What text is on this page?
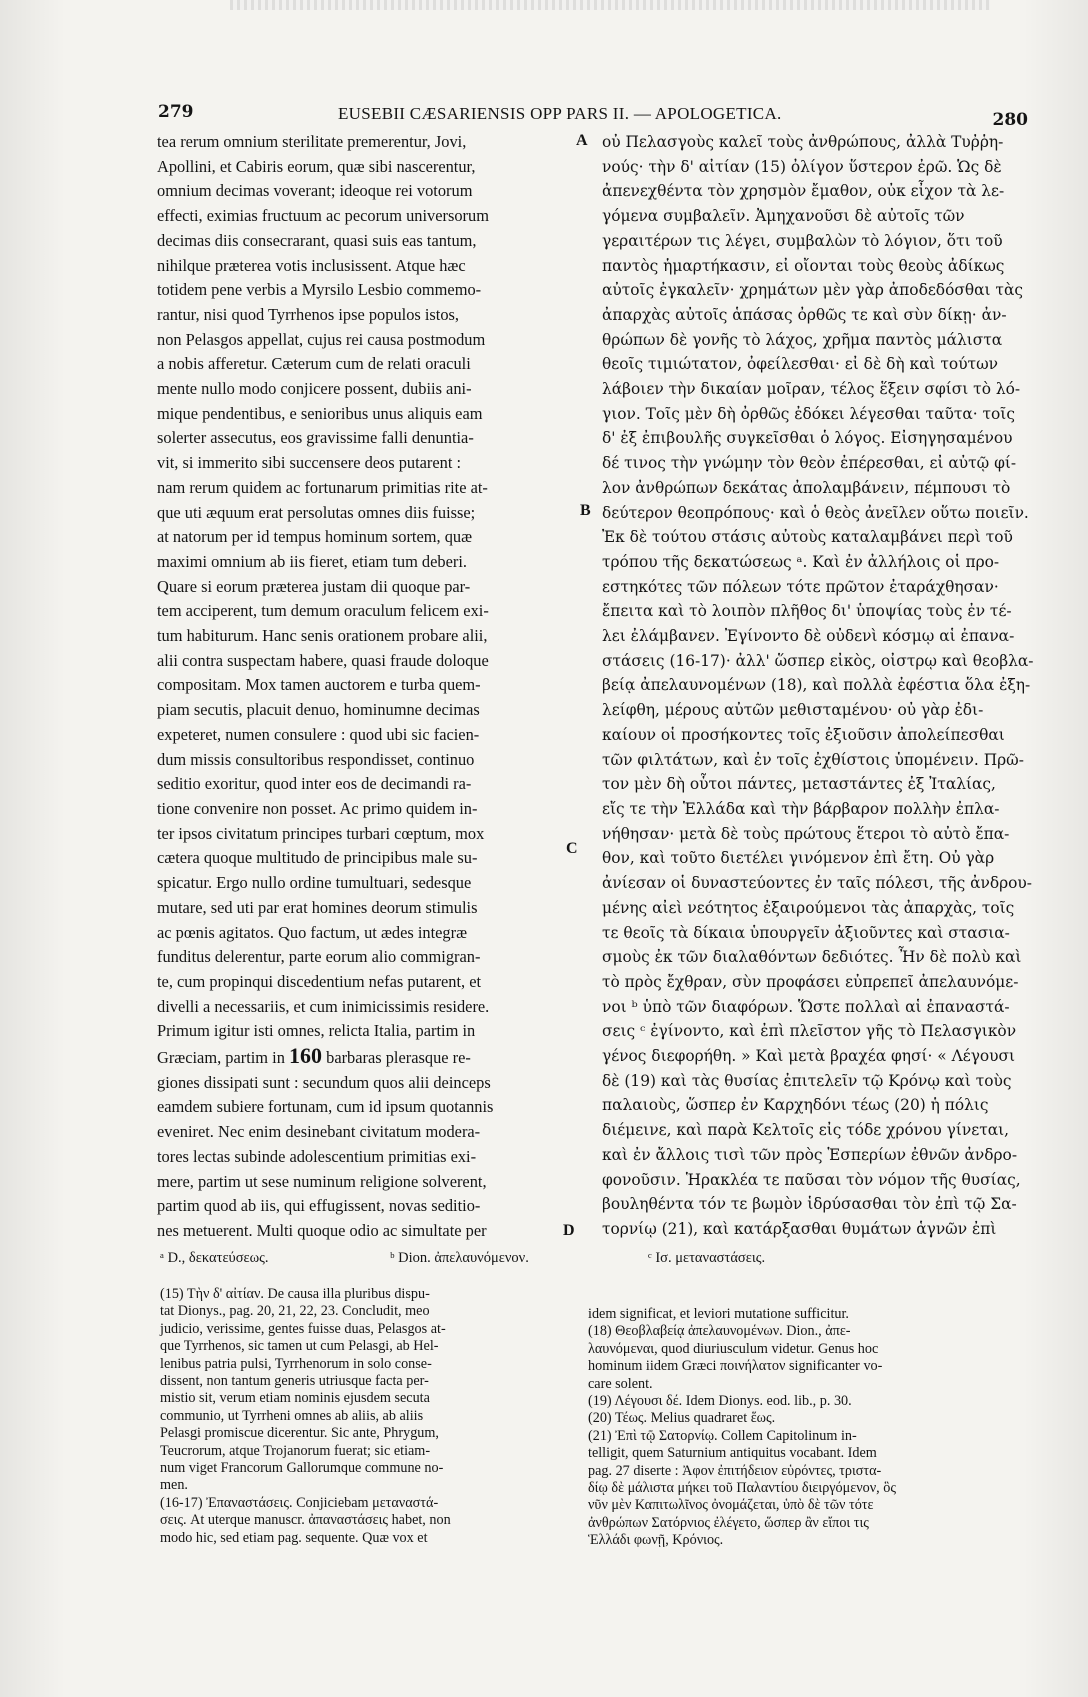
279	EUSEBII CÆSARIENSIS OPP PARS II. — APOLOGETICA.	280
tea rerum omnium sterilitate premerentur, Jovi,
Apollini, et Cabiris eorum, quæ sibi nascerentur,
omnium decimas voverant; ideoque rei votorum
effecti, eximias fructuum ac pecorum universorum
decimas diis consecrarant, quasi suis eas tantum,
nihilque præterea votis inclusissent. Atque hæc
totidem pene verbis a Myrsilo Lesbio commemo-
rantur, nisi quod Tyrrhenos ipse populos istos,
non Pelasgos appellat, cujus rei causa postmodum
a nobis afferetur. Cæterum cum de relati oraculi
mente nullo modo conjicere possent, dubiis ani-
mique pendentibus, e senioribus unus aliquis eam
solerter assecutus, eos gravissime falli denuntia-
vit, si immerito sibi succensere deos putarent :
nam rerum quidem ac fortunarum primitias rite at-
que uti æquum erat persolutas omnes diis fuisse;
at natorum per id tempus hominum sortem, quæ
maximi omnium ab iis fieret, etiam tum deberi.
Quare si eorum præterea justam dii quoque par-
tem acciperent, tum demum oraculum felicem exi-
tum habiturum. Hanc senis orationem probare alii,
alii contra suspectam habere, quasi fraude doloque
compositam. Mox tamen auctorem e turba quem-
piam secutis, placuit denuo, hominumne decimas
expeteret, numen consulere : quod ubi sic facien-
dum missis consultoribus respondisset, continuo
seditio exoritur, quod inter eos de decimandi ra-
tione convenire non posset. Ac primo quidem in-
ter ipsos civitatum principes turbari cœptum, mox
cætera quoque multitudo de principibus male su-
spicatur. Ergo nullo ordine tumultuari, sedesque
mutare, sed uti par erat homines deorum stimulis
ac pœnis agitatos. Quo factum, ut ædes integræ
funditus delerentur, parte eorum alio commigran-
te, cum propinqui discedentium nefas putarent, et
divelli a necessariis, et cum inimicissimis residere.
Primum igitur isti omnes, relicta Italia, partim in
Græciam, partim in 160 barbaras plerasque re-
giones dissipati sunt : secundum quos alii deinceps
eamdem subiere fortunam, cum id ipsum quotannis
eveniret. Nec enim desinebant civitatum modera-
tores lectas subinde adolescentium primitias exi-
mere, partim ut sese numinum religione solverent,
partim quod ab iis, qui effugissent, novas seditio-
nes metuerent. Multi quoque odio ac simultate per
οὐ Πελασγοὺς καλεῖ τοὺς ἀνθρώπους, ἀλλὰ Τυῤῥη-
νούς· τὴν δ' αἰτίαν (15) ὀλίγον ὕστερον ἐρῶ. Ὡς δὲ
ἀπενεχθέντα τὸν χρησμὸν ἔμαθον, οὐκ εἶχον τὰ λε-
γόμενα συμβαλεῖν. Ἀμηχανοῦσι δὲ αὐτοῖς τῶν
γεραιτέρων τις λέγει, συμβαλὼν τὸ λόγιον, ὅτι τοῦ
παντὸς ἡμαρτήκασιν, εἰ οἴονται τοὺς θεοὺς ἀδίκως
αὐτοῖς ἐγκαλεῖν· χρημάτων μὲν γὰρ ἀποδεδόσθαι τὰς
ἀπαρχὰς αὐτοῖς ἁπάσας ὀρθῶς τε καὶ σὺν δίκῃ· ἀν-
θρώπων δὲ γονῆς τὸ λάχος, χρῆμα παντὸς μάλιστα
θεοῖς τιμιώτατον, ὀφείλεσθαι· εἰ δὲ δὴ καὶ τούτων
λάβοιεν τὴν δικαίαν μοῖραν, τέλος ἕξειν σφίσι τὸ λό-
γιον. Τοῖς μὲν δὴ ὀρθῶς ἐδόκει λέγεσθαι ταῦτα· τοῖς
δ' ἐξ ἐπιβουλῆς συγκεῖσθαι ὁ λόγος. Εἰσηγησαμένου
δέ τινος τὴν γνώμην τὸν θεὸν ἐπέρεσθαι, εἰ αὐτῷ φί-
λον ἀνθρώπων δεκάτας ἀπολαμβάνειν, πέμπουσι τὸ
δεύτερον θεοπρόπους· καὶ ὁ θεὸς ἀνεῖλεν οὕτω ποιεῖν.
Ἐκ δὲ τούτου στάσις αὐτοὺς καταλαμβάνει περὶ τοῦ
τρόπου τῆς δεκατώσεως ᵃ. Καὶ ἐν ἀλλήλοις οἱ προ-
εστηκότες τῶν πόλεων τότε πρῶτον ἐταράχθησαν·
ἔπειτα καὶ τὸ λοιπὸν πλῆθος δι' ὑποψίας τοὺς ἐν τέ-
λει ἐλάμβανεν. Ἐγίνοντο δὲ οὐδενὶ κόσμῳ αἱ ἐπανα-
στάσεις (16-17)· ἀλλ' ὥσπερ εἰκὸς, οἰστρῳ καὶ θεοβλα-
βείᾳ ἀπελαυνομένων (18), καὶ πολλὰ ἐφέστια ὅλα ἐξη-
λείφθη, μέρους αὐτῶν μεθισταμένου· οὐ γὰρ ἐδι-
καίουν οἱ προσήκοντες τοῖς ἐξιοῦσιν ἀπολείπεσθαι
τῶν φιλτάτων, καὶ ἐν τοῖς ἐχθίστοις ὑπομένειν. Πρῶ-
τον μὲν δὴ οὗτοι πάντες, μεταστάντες ἐξ Ἰταλίας,
εἴς τε τὴν Ἑλλάδα καὶ τὴν βάρβαρον πολλὴν ἐπλα-
νήθησαν· μετὰ δὲ τοὺς πρώτους ἕτεροι τὸ αὐτὸ ἔπα-
θον, καὶ τοῦτο διετέλει γινόμενον ἐπὶ ἔτη. Οὐ γὰρ
ἀνίεσαν οἱ δυναστεύοντες ἐν ταῖς πόλεσι, τῆς ἀνδρου-
μένης αἰεὶ νεότητος ἐξαιρούμενοι τὰς ἀπαρχὰς, τοῖς
τε θεοῖς τὰ δίκαια ὑπουργεῖν ἀξιοῦντες καὶ στασια-
σμοὺς ἐκ τῶν διαλαθόντων δεδιότες. Ἦν δὲ πολὺ καὶ
τὸ πρὸς ἔχθραν, σὺν προφάσει εὐπρεπεῖ ἀπελαυνόμε-
νοι ᵇ ὑπὸ τῶν διαφόρων. Ὥστε πολλαὶ αἱ ἐπαναστά-
σεις ᶜ ἐγίνοντο, καὶ ἐπὶ πλεῖστον γῆς τὸ Πελασγικὸν
γένος διεφορήθη. » Καὶ μετὰ βραχέα φησί· « Λέγουσι
δὲ (19) καὶ τὰς θυσίας ἐπιτελεῖν τῷ Κρόνῳ καὶ τοὺς
παλαιοὺς, ὥσπερ ἐν Καρχηδόνι τέως (20) ἡ πόλις
διέμεινε, καὶ παρὰ Κελτοῖς εἰς τόδε χρόνου γίνεται,
καὶ ἐν ἄλλοις τισὶ τῶν πρὸς Ἑσπερίων ἐθνῶν ἀνδρο-
φονοῦσιν. Ἡρακλέα τε παῦσαι τὸν νόμον τῆς θυσίας,
βουληθέντα τόν τε βωμὸν ἱδρύσασθαι τὸν ἐπὶ τῷ Σα-
τορνίῳ (21), καὶ κατάρξασθαι θυμάτων ἁγνῶν ἐπὶ
A
B
C
D
ᵃ D., δεκατεύσεως.	ᵇ Dion. ἀπελαυνόμενον.	ᶜ Ισ. μεταναστάσεις.
(15) Τὴν δ' αἰτίαν. De causa illa pluribus dispu-
tat Dionys., pag. 20, 21, 22, 23. Concludit, meo
judicio, verissime, gentes fuisse duas, Pelasgos at-
que Tyrrhenos, sic tamen ut cum Pelasgi, ab Hel-
lenibus patria pulsi, Tyrrhenorum in solo conse-
dissent, non tantum generis utriusque facta per-
mistio sit, verum etiam nominis ejusdem secuta
communio, ut Tyrrheni omnes ab aliis, ab aliis
Pelasgi promiscue dicerentur. Sic ante, Phrygum,
Teucrorum, atque Trojanorum fuerat; sic etiam-
num viget Francorum Gallorumque commune no-
men.
(16-17) Ἐπαναστάσεις. Conjiciebam μεταναστά-
σεις. At uterque manuscr. ἀπαναστάσεις habet, non
modo hic, sed etiam pag. sequente. Quæ vox et
idem significat, et leviori mutatione sufficitur.
(18) Θεοβλαβείᾳ ἀπελαυνομένων. Dion., ἀπε-
λαυνόμεναι, quod diuriusculum videtur. Genus hoc
hominum iidem Græci ποινήλατον significanter vo-
care solent.
(19) Λέγουσι δέ. Idem Dionys. eod. lib., p. 30.
(20) Τέως. Melius quadraret ἕως.
(21) Ἐπὶ τῷ Σατορνίῳ. Collem Capitolinum in-
telligit, quem Saturnium antiquitus vocabant. Idem
pag. 27 diserte : Ἀφον ἐπιτήδειον εὑρόντες, τριστα-
δίῳ δὲ μάλιστα μήκει τοῦ Παλαντίου διειργόμενον, ὃς
νῦν μὲν Καπιτωλῖνος ὀνομάζεται, ὑπὸ δὲ τῶν τότε
ἀνθρώπων Σατόρνιος ἐλέγετο, ὥσπερ ἂν εἴποι τις
Ἑλλάδι φωνῇ, Κρόνιος.
